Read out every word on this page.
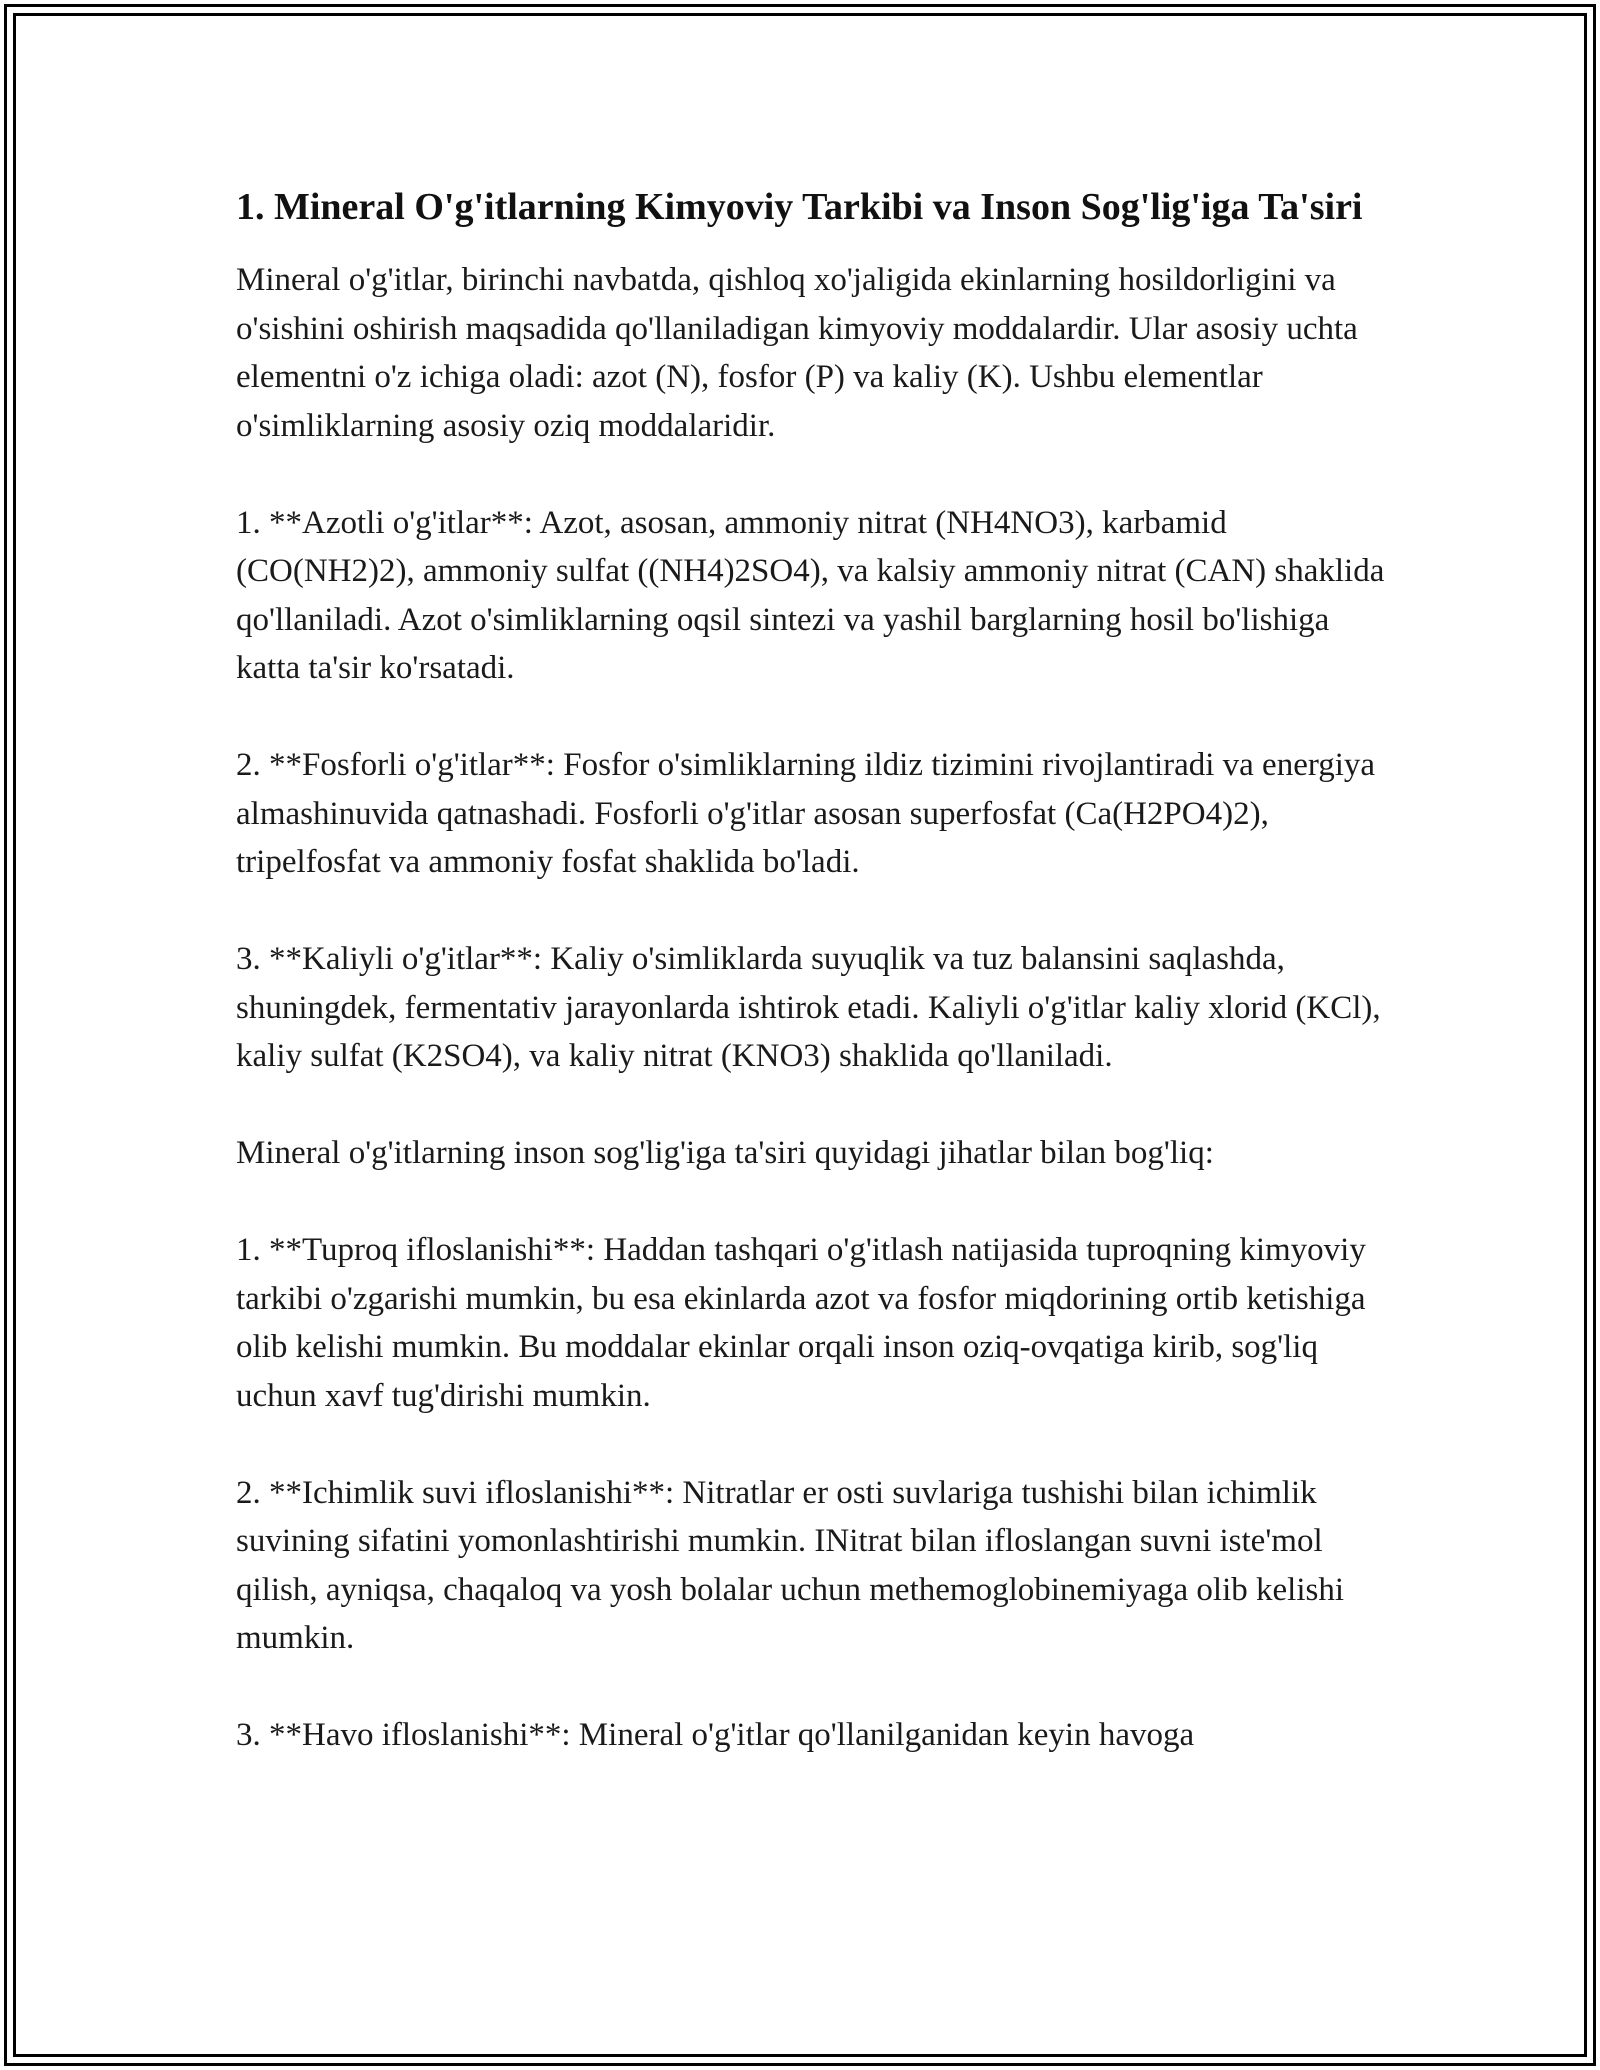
1. Mineral O'g'itlarning Kimyoviy Tarkibi va Inson Sog'lig'iga Ta'siri

Mineral o'g'itlar, birinchi navbatda, qishloq xo'jaligida ekinlarning hosildorligini va o'sishini oshirish maqsadida qo'llaniladigan kimyoviy moddalardir. Ular asosiy uchta elementni o'z ichiga oladi: azot (N), fosfor (P) va kaliy (K). Ushbu elementlar o'simliklarning asosiy oziq moddalaridir.

1. **Azotli o'g'itlar**: Azot, asosan, ammoniy nitrat (NH4NO3), karbamid (CO(NH2)2), ammoniy sulfat ((NH4)2SO4), va kalsiy ammoniy nitrat (CAN) shaklida qo'llaniladi. Azot o'simliklarning oqsil sintezi va yashil barglarning hosil bo'lishiga katta ta'sir ko'rsatadi.

2. **Fosforli o'g'itlar**: Fosfor o'simliklarning ildiz tizimini rivojlantiradi va energiya almashinuvida qatnashadi. Fosforli o'g'itlar asosan superfosfat (Ca(H2PO4)2), tripelfosfat va ammoniy fosfat shaklida bo'ladi.

3. **Kaliyli o'g'itlar**: Kaliy o'simliklarda suyuqlik va tuz balansini saqlashda, shuningdek, fermentativ jarayonlarda ishtirok etadi. Kaliyli o'g'itlar kaliy xlorid (KCl), kaliy sulfat (K2SO4), va kaliy nitrat (KNO3) shaklida qo'llaniladi.

Mineral o'g'itlarning inson sog'lig'iga ta'siri quyidagi jihatlar bilan bog'liq:

1. **Tuproq ifloslanishi**: Haddan tashqari o'g'itlash natijasida tuproqning kimyoviy tarkibi o'zgarishi mumkin, bu esa ekinlarda azot va fosfor miqdorining ortib ketishiga olib kelishi mumkin. Bu moddalar ekinlar orqali inson oziq-ovqatiga kirib, sog'liq uchun xavf tug'dirishi mumkin.

2. **Ichimlik suvi ifloslanishi**: Nitratlar er osti suvlariga tushishi bilan ichimlik suvining sifatini yomonlashtirishi mumkin. INitrat bilan ifloslangan suvni iste'mol qilish, ayniqsa, chaqaloq va yosh bolalar uchun methemoglobinemiyaga olib kelishi mumkin.

3. **Havo ifloslanishi**: Mineral o'g'itlar qo'llanilganidan keyin havoga
